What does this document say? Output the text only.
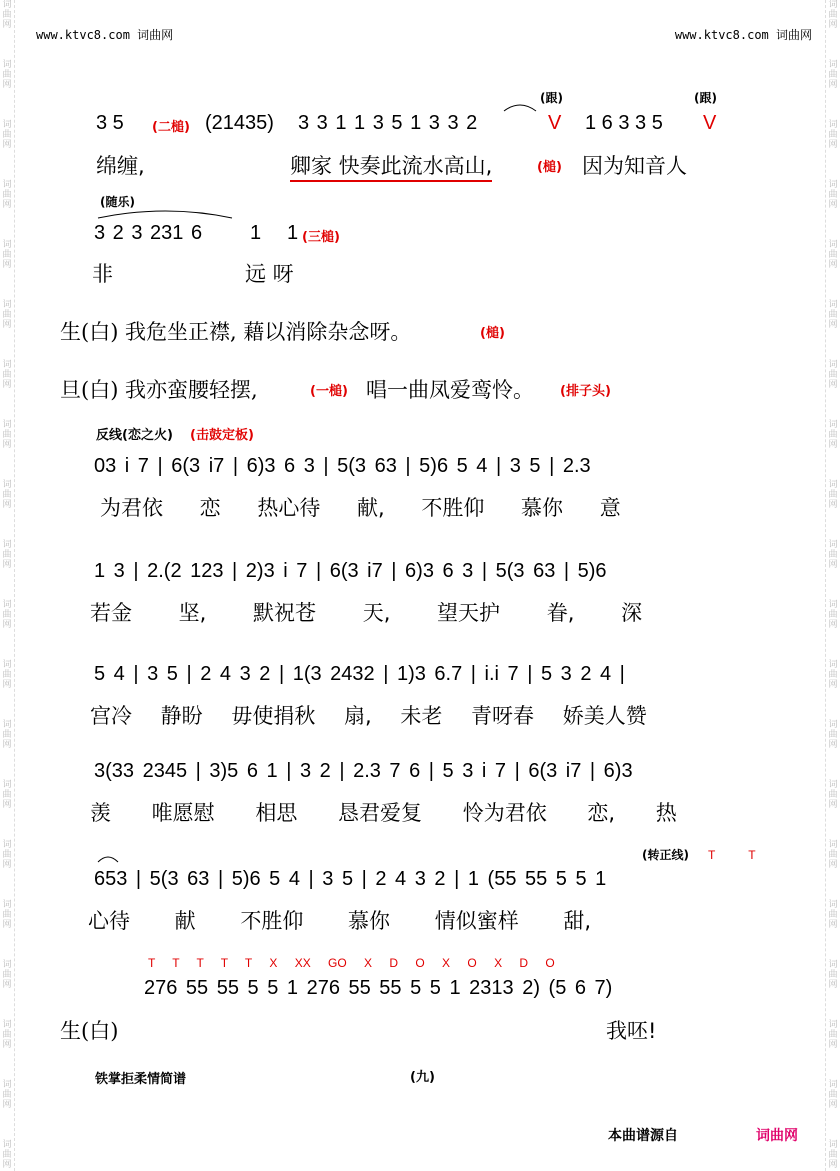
词
曲
网
词
曲
网
词
曲
网
词
曲
网
词
曲
网
词
曲
网
词
曲
网
词
曲
网
词
曲
网
词
曲
网
词
曲
网
词
曲
网
词
曲
网
词
曲
网
词
曲
网
词
曲
网
词
曲
网
词
曲
网
词
曲
网
词
曲
网
词
曲
网
词
曲
网
词
曲
网
词
曲
网
词
曲
网
词
曲
网
词
曲
网
词
曲
网
词
曲
网
词
曲
网
词
曲
网
词
曲
网
词
曲
网
词
曲
网
词
曲
网
词
曲
网
词
曲
网
词
曲
网
词
曲
网
词
曲
网
www.ktvc8.com 词曲网	www.ktvc8.com 词曲网
(跟)	(跟)
3 5 (二槌) (21435) 3 3 1 1 3 5 1 3 3 2	V 1 6 3 3 5 V
绵缠,	卿家 快奏此流水高山,	(槌) 因为知音人
(随乐)
3 2 3 231 6 1 1 (三槌)
非	远 呀
生(白) 我危坐正襟, 藉以消除杂念呀。	(槌)
旦(白) 我亦蛮腰轻摆,	(一槌) 唱一曲凤爱鸾怜。 (排子头)
反线(恋之火) (击鼓定板)
03 i 7 | 6(3 i7 | 6)3 6 3 | 5(3 63 | 5)6 5 4 | 3 5 | 2.3
为君依 恋 热心待 献, 不胜仰 慕你 意
1 3 | 2.(2 123 | 2)3 i 7 | 6(3 i7 | 6)3 6 3 | 5(3 63 | 5)6
若金 坚, 默祝苍 天, 望天护 眷, 深
5 4 | 3 5 | 2 4 3 2 | 1(3 2432 | 1)3 6.7 | i.i 7 | 5 3 2 4 |
宫冷 静盼 毋使捐秋 扇, 未老 青呀春 娇美人赞
3(33 2345 | 3)5 6 1 | 3 2 | 2.3 7 6 | 5 3 i 7 | 6(3 i7 | 6)3
羡 唯愿慰 相思 恳君爱复 怜为君依 恋, 热
(转正线) T T
653 | 5(3 63 | 5)6 5 4 | 3 5 | 2 4 3 2 | 1 (55 55 5 5 1
心待 献 不胜仰 慕你 情似蜜样 甜,
T T T T T X XX GO X D O X O X D O
276 55 55 5 5 1 276 55 55 5 5 1 2313 2) (5 6 7)
生(白)	我呸!
铁掌拒柔情简谱	(九)
本曲谱源自	词曲网
